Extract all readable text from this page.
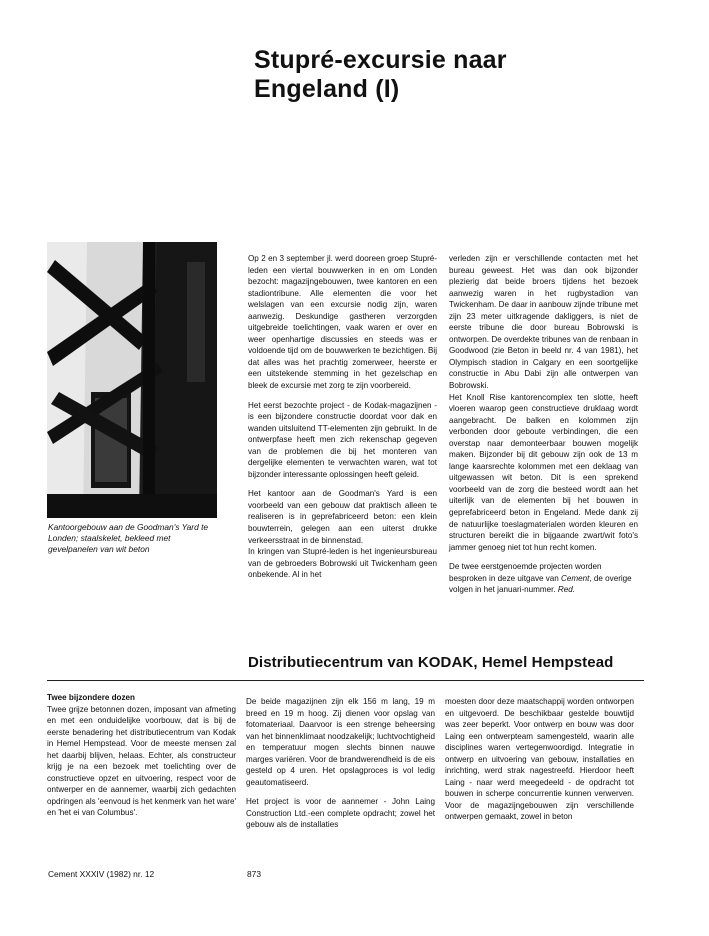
Stupré-excursie naar
Engeland (I)
Kantoorgebouw aan de Goodman's Yard te
Londen; staalskelet, bekleed met
gevelpanelen van wit beton

Op 2 en 3 september jl. werd dooreen groep Stupré-leden een viertal bouwwerken in en om Londen bezocht: magazijngebouwen, twee kantoren en een stadiontribune. Alle elementen die voor het welslagen van een excursie nodig zijn, waren aanwezig. Deskundige gastheren verzorgden uitgebreide toelichtingen, vaak waren er over en weer openhartige discussies en steeds was er voldoende tijd om de bouwwerken te bezichtigen. Bij dat alles was het prachtig zomerweer, heerste er een uitstekende stemming in het gezelschap en bleek de excursie met zorg te zijn voorbereid.

Het eerst bezochte project - de Kodak-magazijnen - is een bijzondere constructie doordat voor dak en wanden uitsluitend TT-elementen zijn gebruikt. In de ontwerpfase heeft men zich rekenschap gegeven van de problemen die bij het monteren van dergelijke elementen te verwachten waren, wat tot bijzonder interessante oplossingen heeft geleid.

Het kantoor aan de Goodman's Yard is een voorbeeld van een gebouw dat praktisch alleen te realiseren is in geprefabriceerd beton: een klein bouwterrein, gelegen aan een uiterst drukke verkeersstraat in de binnenstad.

In kringen van Stupré-leden is het ingenieursbureau van de gebroeders Bobrowski uit Twickenham geen onbekende. Al in het

verleden zijn er verschillende contacten met het bureau geweest. Het was dan ook bijzonder plezierig dat beide broers tijdens het bezoek aanwezig waren in het rugbystadion van Twickenham. De daar in aanbouw zijnde tribune met zijn 23 meter uitkragende dakliggers, is niet de eerste tribune die door bureau Bobrowski is ontworpen. De overdekte tribunes van de renbaan in Goodwood (zie Beton in beeld nr. 4 van 1981), het Olympisch stadion in Calgary en een soortgelijke constructie in Abu Dabi zijn alle ontwerpen van Bobrowski.

Het Knoll Rise kantorencomplex ten slotte, heeft vloeren waarop geen constructieve druklaag wordt aangebracht. De balken en kolommen zijn verbonden door geboute verbindingen, die een overstap naar demonteerbaar bouwen mogelijk maken. Bijzonder bij dit gebouw zijn ook de 13 m lange kaarsrechte kolommen met een deklaag van uitgewassen wit beton. Dit is een sprekend voorbeeld van de zorg die besteed wordt aan het uiterlijk van de elementen bij het bouwen in geprefabriceerd beton in Engeland. Mede dank zij de natuurlijke toeslagmaterialen worden kleuren en structuren bereikt die in bijgaande zwart/wit foto's jammer genoeg niet tot hun recht komen.

De twee eerstgenoemde projecten worden besproken in deze uitgave van Cement, de overige volgen in het januari-nummer. Red.

Distributiecentrum van KODAK, Hemel Hempstead
Twee bijzondere dozen

Twee grijze betonnen dozen, imposant van afmeting en met een onduidelijke voorbouw, dat is bij de eerste benadering het distributiecentrum van Kodak in Hemel Hempstead. Voor de meeste mensen zal het daarbij blijven, helaas. Echter, als constructeur krijg je na een bezoek met toelichting over de constructieve opzet en uitvoering, respect voor de ontwerper en de aannemer, waarbij zich gedachten opdringen als 'eenvoud is het kenmerk van het ware' en 'het ei van Columbus'.

De beide magazijnen zijn elk 156 m lang, 19 m breed en 19 m hoog. Zij dienen voor opslag van fotomateriaal. Daarvoor is een strenge beheersing van het binnenklimaat noodzakelijk; luchtvochtigheid en temperatuur mogen slechts binnen nauwe marges variëren. Voor de brandwerendheid is de eis gesteld op 4 uren. Het opslagproces is vol ledig geautomatiseerd.

Het project is voor de aannemer - John Laing Construction Ltd.-een complete opdracht; zowel het gebouw als de installaties

moesten door deze maatschappij worden ontworpen en uitgevoerd. De beschikbaar gestelde bouwtijd was zeer beperkt. Voor ontwerp en bouw was door Laing een ontwerpteam samengesteld, waarin alle disciplines waren vertegenwoordigd. Integratie in ontwerp en uitvoering van gebouw, installaties en inrichting, werd strak nagestreefd. Hierdoor heeft Laing - naar werd meegedeeld - de opdracht tot bouwen in scherpe concurrentie kunnen verwerven. Voor de magazijngebouwen zijn verschillende ontwerpen gemaakt, zowel in beton

Cement XXXIV (1982) nr. 12	873
